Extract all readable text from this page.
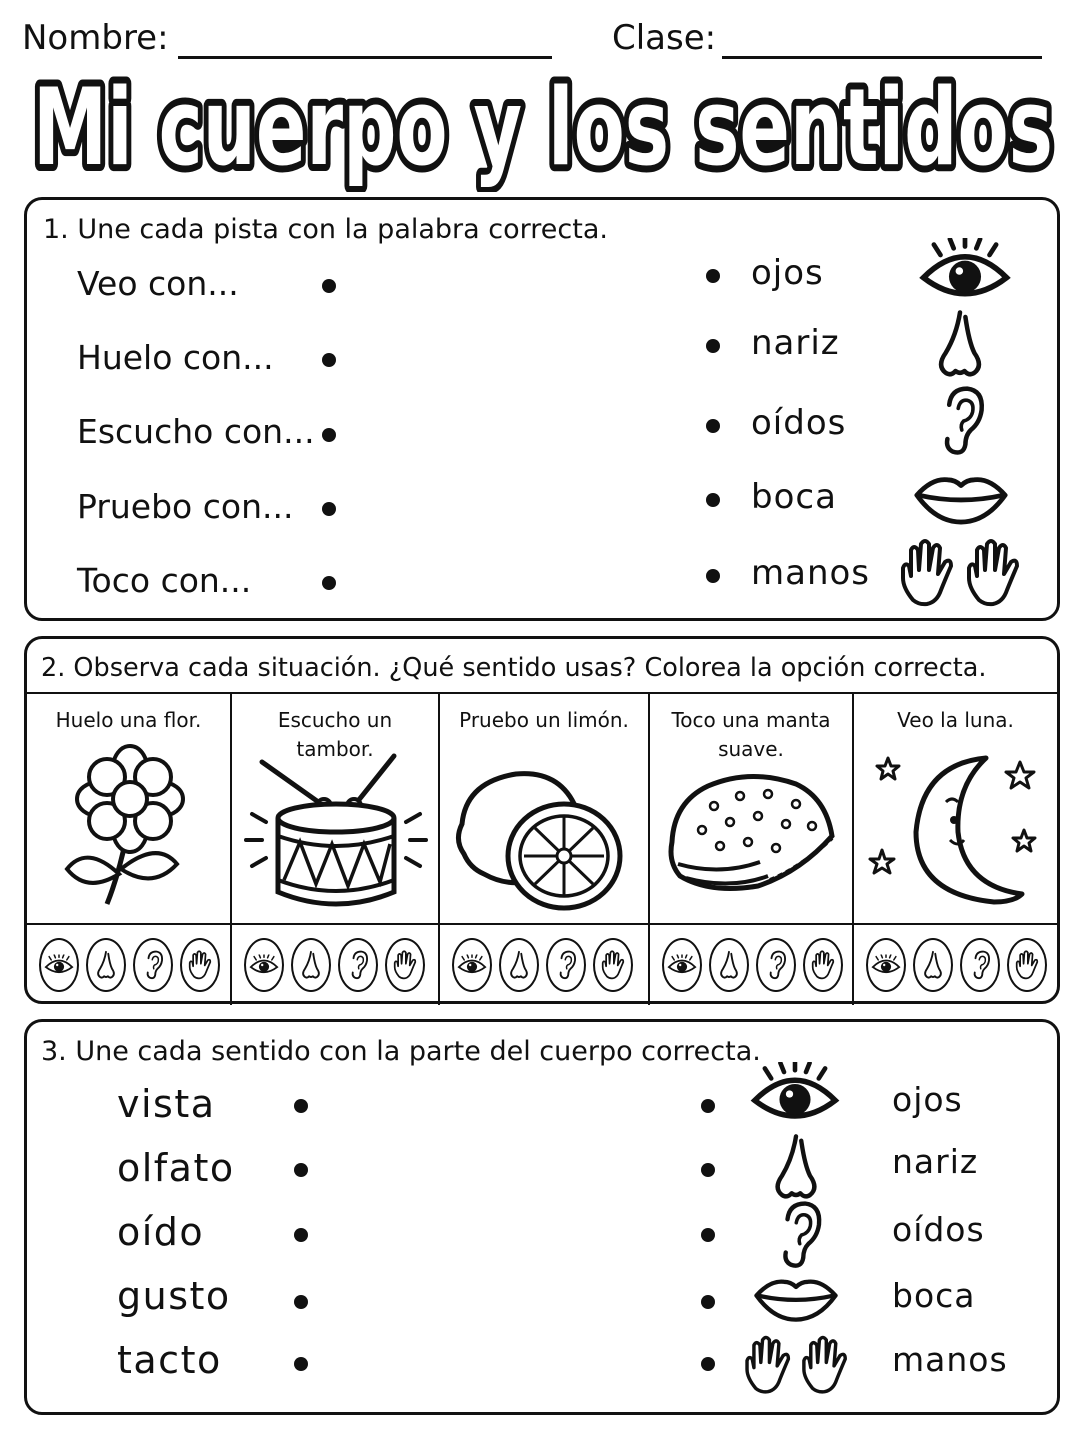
Nombre:	Clase:
Mi cuerpo y los sentidos
1. Une cada pista con la palabra correcta.
Veo con...
Huelo con...
Escucho con...
Pruebo con...
Toco con...
ojos
nariz
oídos
boca
manos
2. Observa cada situación. ¿Qué sentido usas? Colorea la opción correcta.
Huelo una flor.	Escucho un tambor.
Pruebo un limón.	Toco una manta suave.
Veo la luna.
3. Une cada sentido con la parte del cuerpo correcta.
vista
olfato
oído
gusto
tacto
ojos
nariz
oídos
boca
manos
